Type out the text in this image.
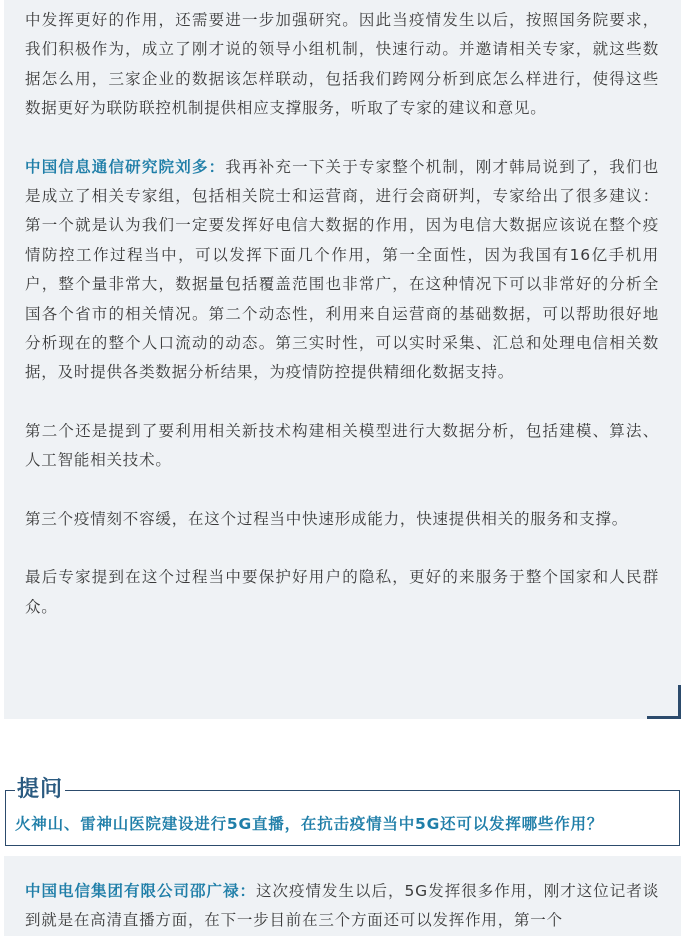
中发挥更好的作用，还需要进一步加强研究。因此当疫情发生以后，按照国务院要求，我们积极作为，成立了刚才说的领导小组机制，快速行动。并邀请相关专家，就这些数据怎么用，三家企业的数据该怎样联动，包括我们跨网分析到底怎么样进行，使得这些数据更好为联防联控机制提供相应支撑服务，听取了专家的建议和意见。

中国信息通信研究院刘多：我再补充一下关于专家整个机制，刚才韩局说到了，我们也是成立了相关专家组，包括相关院士和运营商，进行会商研判，专家给出了很多建议：第一个就是认为我们一定要发挥好电信大数据的作用，因为电信大数据应该说在整个疫情防控工作过程当中，可以发挥下面几个作用，第一全面性，因为我国有16亿手机用户，整个量非常大，数据量包括覆盖范围也非常广，在这种情况下可以非常好的分析全国各个省市的相关情况。第二个动态性，利用来自运营商的基础数据，可以帮助很好地分析现在的整个人口流动的动态。第三实时性，可以实时采集、汇总和处理电信相关数据，及时提供各类数据分析结果，为疫情防控提供精细化数据支持。

第二个还是提到了要利用相关新技术构建相关模型进行大数据分析，包括建模、算法、人工智能相关技术。

第三个疫情刻不容缓，在这个过程当中快速形成能力，快速提供相关的服务和支撑。

最后专家提到在这个过程当中要保护好用户的隐私，更好的来服务于整个国家和人民群众。

提问
火神山、雷神山医院建设进行5G直播，在抗击疫情当中5G还可以发挥哪些作用？

中国电信集团有限公司邵广禄：这次疫情发生以后，5G发挥很多作用，刚才这位记者谈到就是在高清直播方面，在下一步目前在三个方面还可以发挥作用，第一个
